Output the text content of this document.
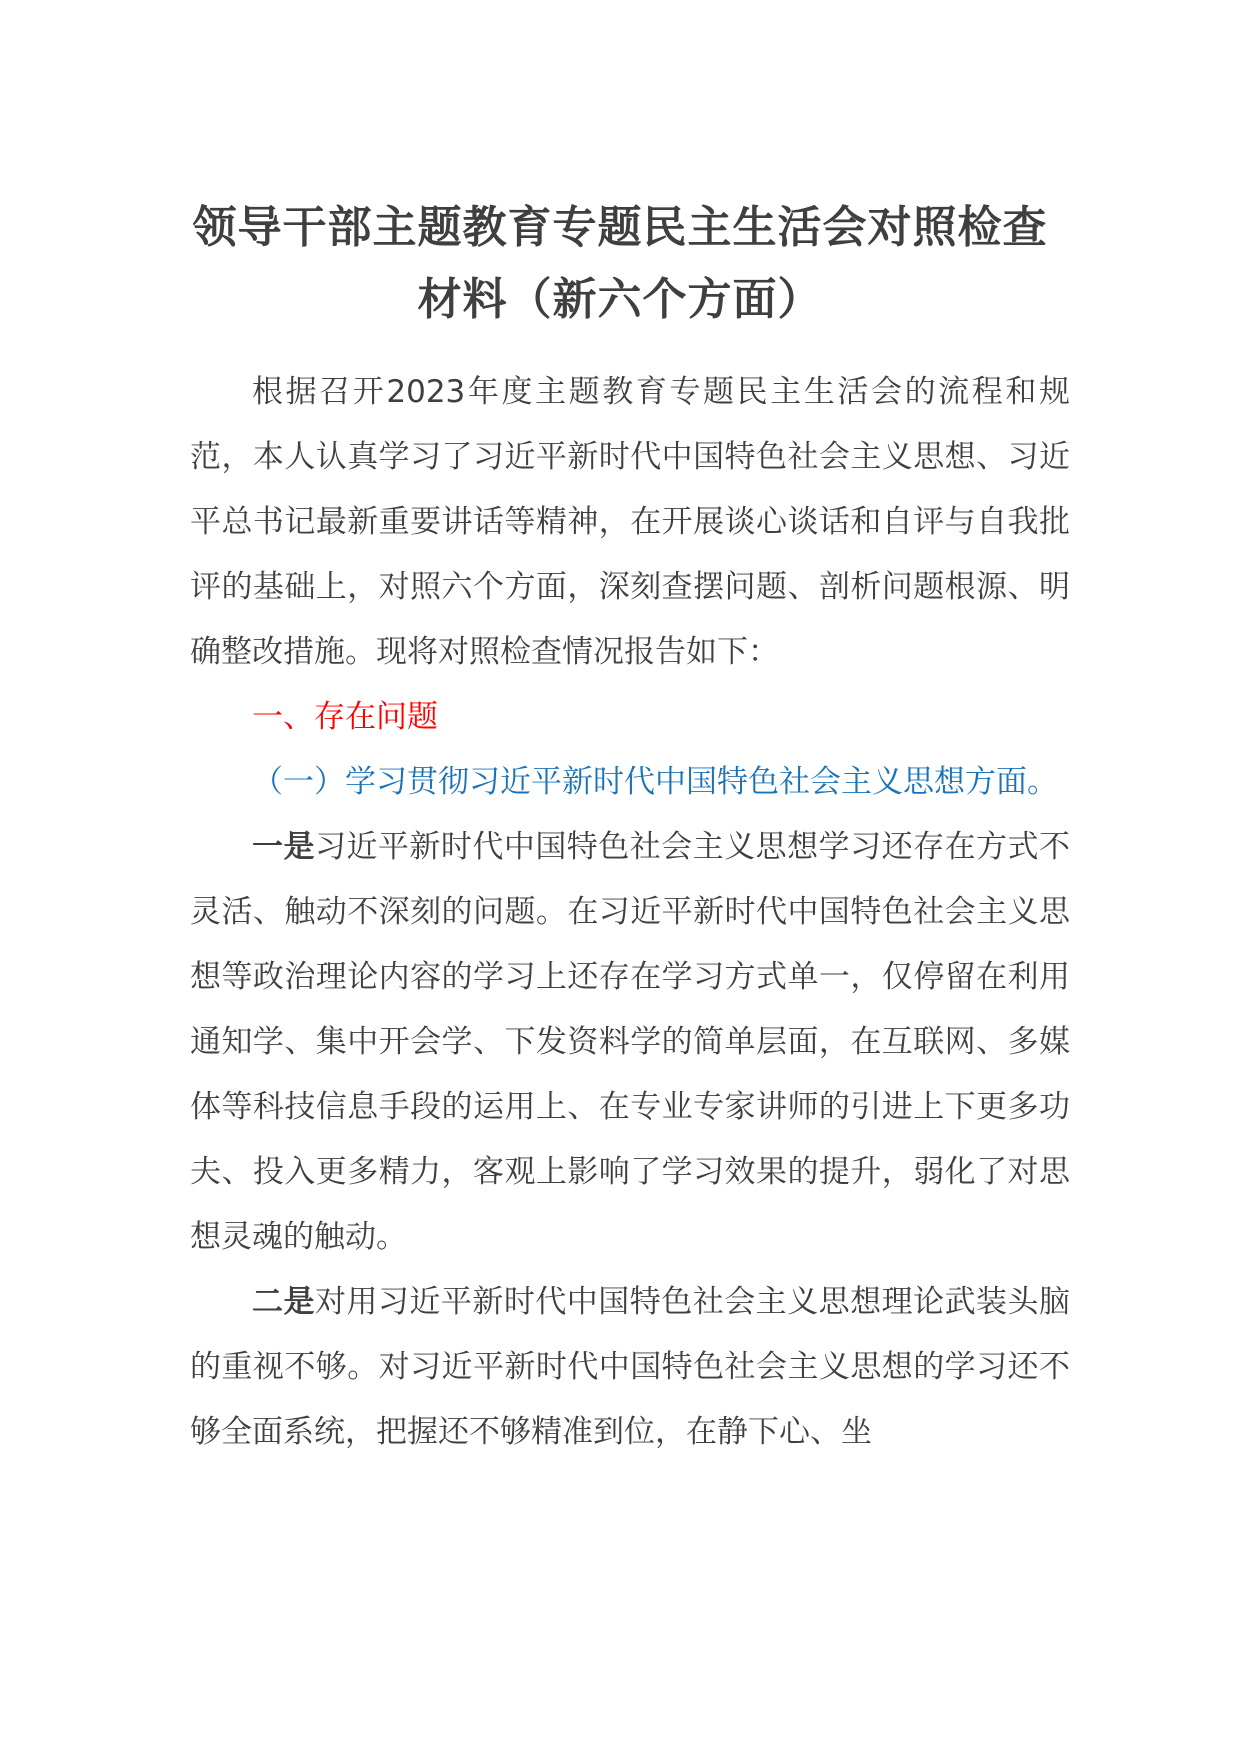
领导干部主题教育专题民主生活会对照检查
材料（新六个方面）

根据召开2023年度主题教育专题民主生活会的流程和规范，本人认真学习了习近平新时代中国特色社会主义思想、习近平总书记最新重要讲话等精神，在开展谈心谈话和自评与自我批评的基础上，对照六个方面，深刻查摆问题、剖析问题根源、明确整改措施。现将对照检查情况报告如下：

一、存在问题

（一）学习贯彻习近平新时代中国特色社会主义思想方面。

一是习近平新时代中国特色社会主义思想学习还存在方式不灵活、触动不深刻的问题。在习近平新时代中国特色社会主义思想等政治理论内容的学习上还存在学习方式单一，仅停留在利用通知学、集中开会学、下发资料学的简单层面，在互联网、多媒体等科技信息手段的运用上、在专业专家讲师的引进上下更多功夫、投入更多精力，客观上影响了学习效果的提升，弱化了对思想灵魂的触动。

二是对用习近平新时代中国特色社会主义思想理论武装头脑的重视不够。对习近平新时代中国特色社会主义思想的学习还不够全面系统，把握还不够精准到位，在静下心、坐
